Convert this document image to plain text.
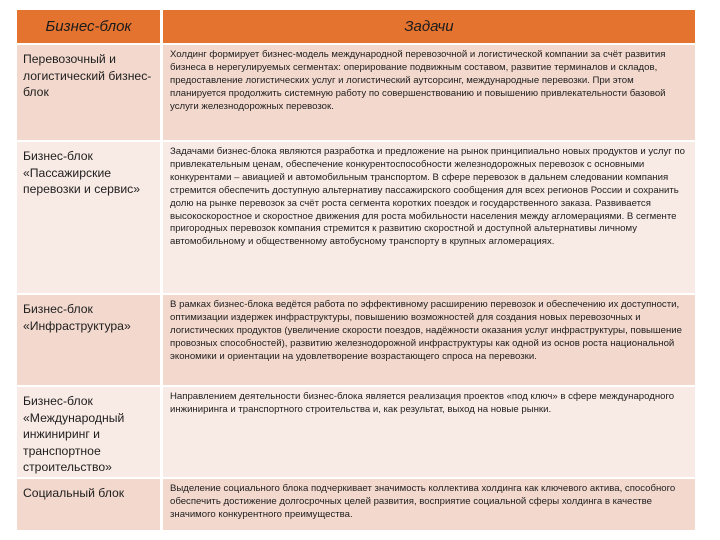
Бизнес-блок	Задачи
Перевозочный и логистический бизнес-блок
Холдинг формирует бизнес-модель международной перевозочной и логистической компании за счёт развития бизнеса в нерегулируемых сегментах: оперирование подвижным составом, развитие терминалов и складов, предоставление логистических услуг и логистический аутсорсинг, международные перевозки. При этом планируется продолжить системную работу по совершенствованию и повышению привлекательности базовой услуги железнодорожных перевозок.
Бизнес-блок «Пассажирские перевозки и сервис»
Задачами бизнес-блока являются разработка и предложение на рынок принципиально новых продуктов и услуг по привлекательным ценам, обеспечение конкурентоспособности железнодорожных перевозок с основными конкурентами – авиацией и автомобильным транспортом. В сфере перевозок в дальнем следовании компания стремится обеспечить доступную альтернативу пассажирского сообщения для всех регионов России и сохранить долю на рынке перевозок за счёт роста сегмента коротких поездок и государственного заказа. Развивается высокоскоростное и скоростное движения для роста мобильности населения между агломерациями. В сегменте пригородных перевозок компания стремится к развитию скоростной и доступной альтернативы личному автомобильному и общественному автобусному транспорту в крупных агломерациях.
Бизнес-блок «Инфраструктура»
В рамках бизнес-блока ведётся работа по эффективному расширению перевозок и обеспечению их доступности, оптимизации издержек инфраструктуры, повышению возможностей для создания новых перевозочных и логистических продуктов (увеличение скорости поездов, надёжности оказания услуг инфраструктуры, повышение провозных способностей), развитию железнодорожной инфраструктуры как одной из основ роста национальной экономики и ориентации на удовлетворение возрастающего спроса на перевозки.
Бизнес-блок «Международный инжиниринг и транспортное строительство»
Направлением деятельности бизнес-блока является реализация проектов «под ключ» в сфере международного инжиниринга и транспортного строительства и, как результат, выход на новые рынки.
Социальный блок	Выделение социального блока подчеркивает значимость коллектива холдинга как ключевого актива, способного обеспечить достижение долгосрочных целей развития, восприятие социальной сферы холдинга в качестве значимого конкурентного преимущества.
